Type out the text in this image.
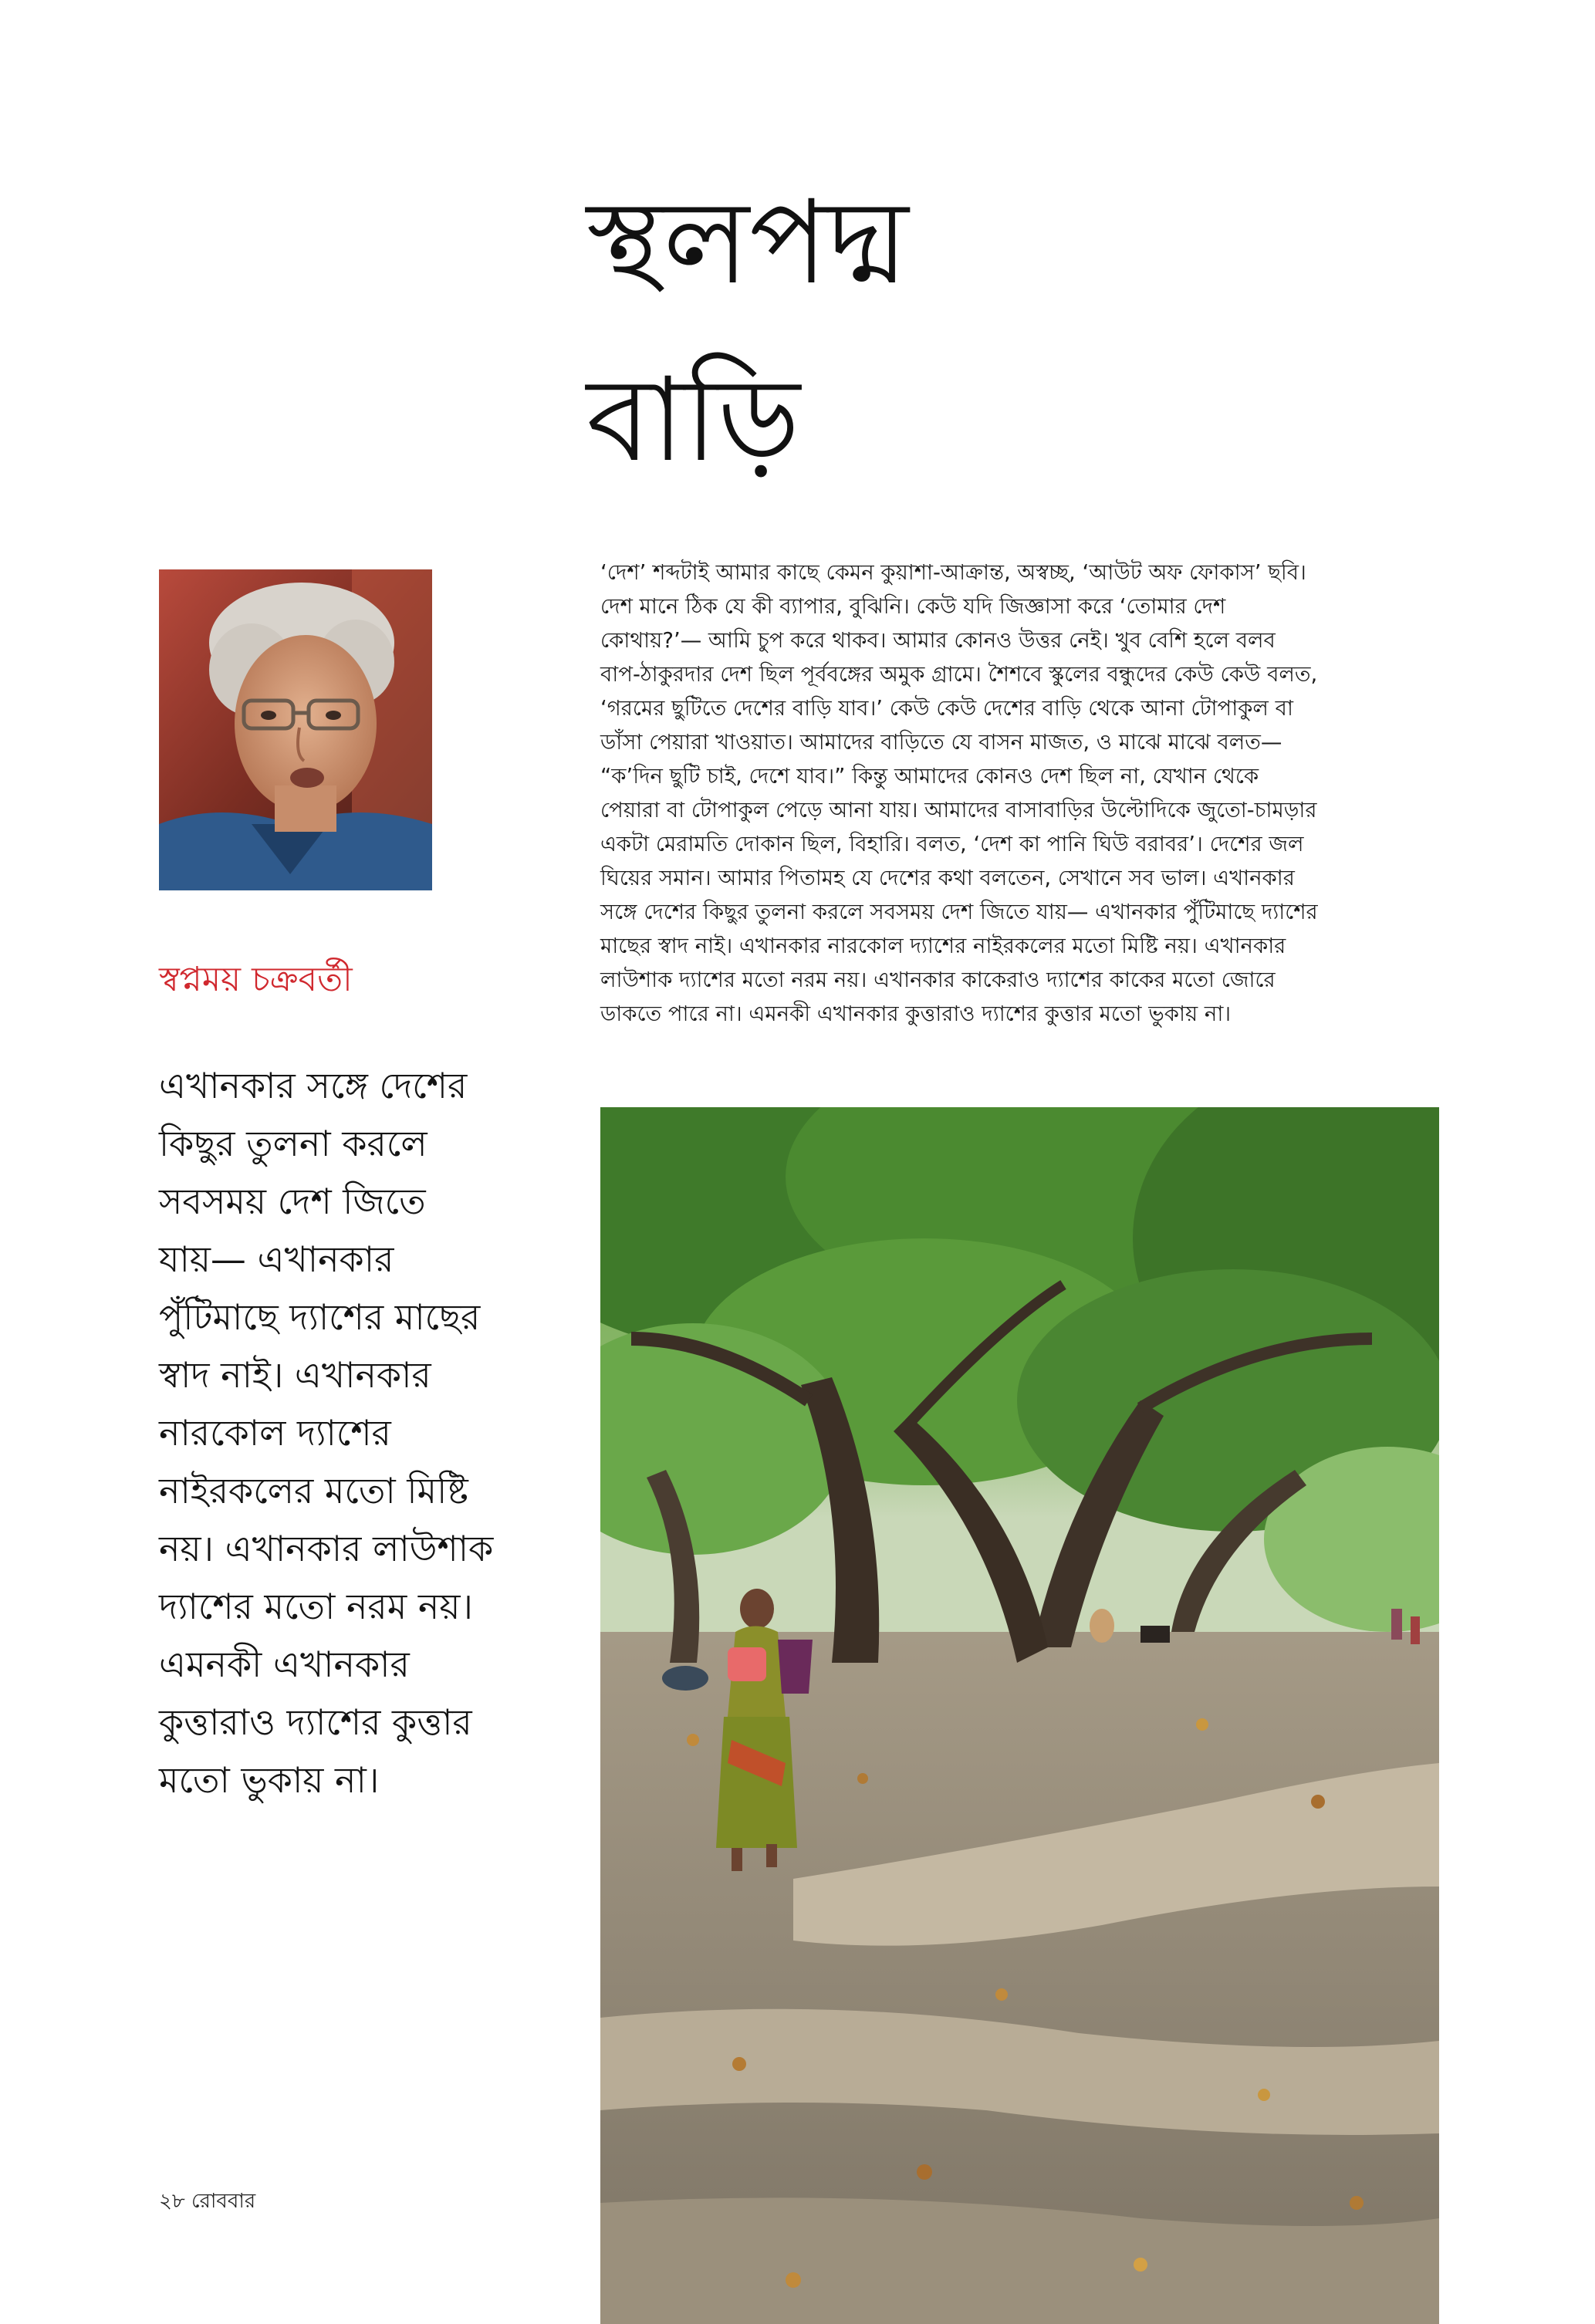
স্থলপদ্ম
বাড়ি
স্বপ্নময় চক্রবর্তী
এখানকার সঙ্গে দেশের
কিছুর তুলনা করলে
সবসময় দেশ জিতে
যায়— এখানকার
পুঁটিমাছে দ্যাশের মাছের
স্বাদ নাই। এখানকার
নারকোল দ্যাশের
নাইরকলের মতো মিষ্টি
নয়। এখানকার লাউশাক
দ্যাশের মতো নরম নয়।
এমনকী এখানকার
কুত্তারাও দ্যাশের কুত্তার
মতো ভুকায় না।
‘দেশ’ শব্দটাই আমার কাছে কেমন কুয়াশা-আক্রান্ত, অস্বচ্ছ, ‘আউট অফ ফোকাস’ ছবি।
দেশ মানে ঠিক যে কী ব্যাপার, বুঝিনি। কেউ যদি জিজ্ঞাসা করে ‘তোমার দেশ
কোথায়?’— আমি চুপ করে থাকব। আমার কোনও উত্তর নেই। খুব বেশি হলে বলব
বাপ-ঠাকুরদার দেশ ছিল পূর্ববঙ্গের অমুক গ্রামে। শৈশবে স্কুলের বন্ধুদের কেউ কেউ বলত,
‘গরমের ছুটিতে দেশের বাড়ি যাব।’ কেউ কেউ দেশের বাড়ি থেকে আনা টোপাকুল বা
ডাঁসা পেয়ারা খাওয়াত। আমাদের বাড়িতে যে বাসন মাজত, ও মাঝে মাঝে বলত—
“ক’দিন ছুটি চাই, দেশে যাব।” কিন্তু আমাদের কোনও দেশ ছিল না, যেখান থেকে
পেয়ারা বা টোপাকুল পেড়ে আনা যায়। আমাদের বাসাবাড়ির উল্টোদিকে জুতো-চামড়ার
একটা মেরামতি দোকান ছিল, বিহারি। বলত, ‘দেশ কা পানি ঘিউ বরাবর’। দেশের জল
ঘিয়ের সমান। আমার পিতামহ যে দেশের কথা বলতেন, সেখানে সব ভাল। এখানকার
সঙ্গে দেশের কিছুর তুলনা করলে সবসময় দেশ জিতে যায়— এখানকার পুঁটিমাছে দ্যাশের
মাছের স্বাদ নাই। এখানকার নারকোল দ্যাশের নাইরকলের মতো মিষ্টি নয়। এখানকার
লাউশাক দ্যাশের মতো নরম নয়। এখানকার কাকেরাও দ্যাশের কাকের মতো জোরে
ডাকতে পারে না। এমনকী এখানকার কুত্তারাও দ্যাশের কুত্তার মতো ভুকায় না।
২৮ রোববার
